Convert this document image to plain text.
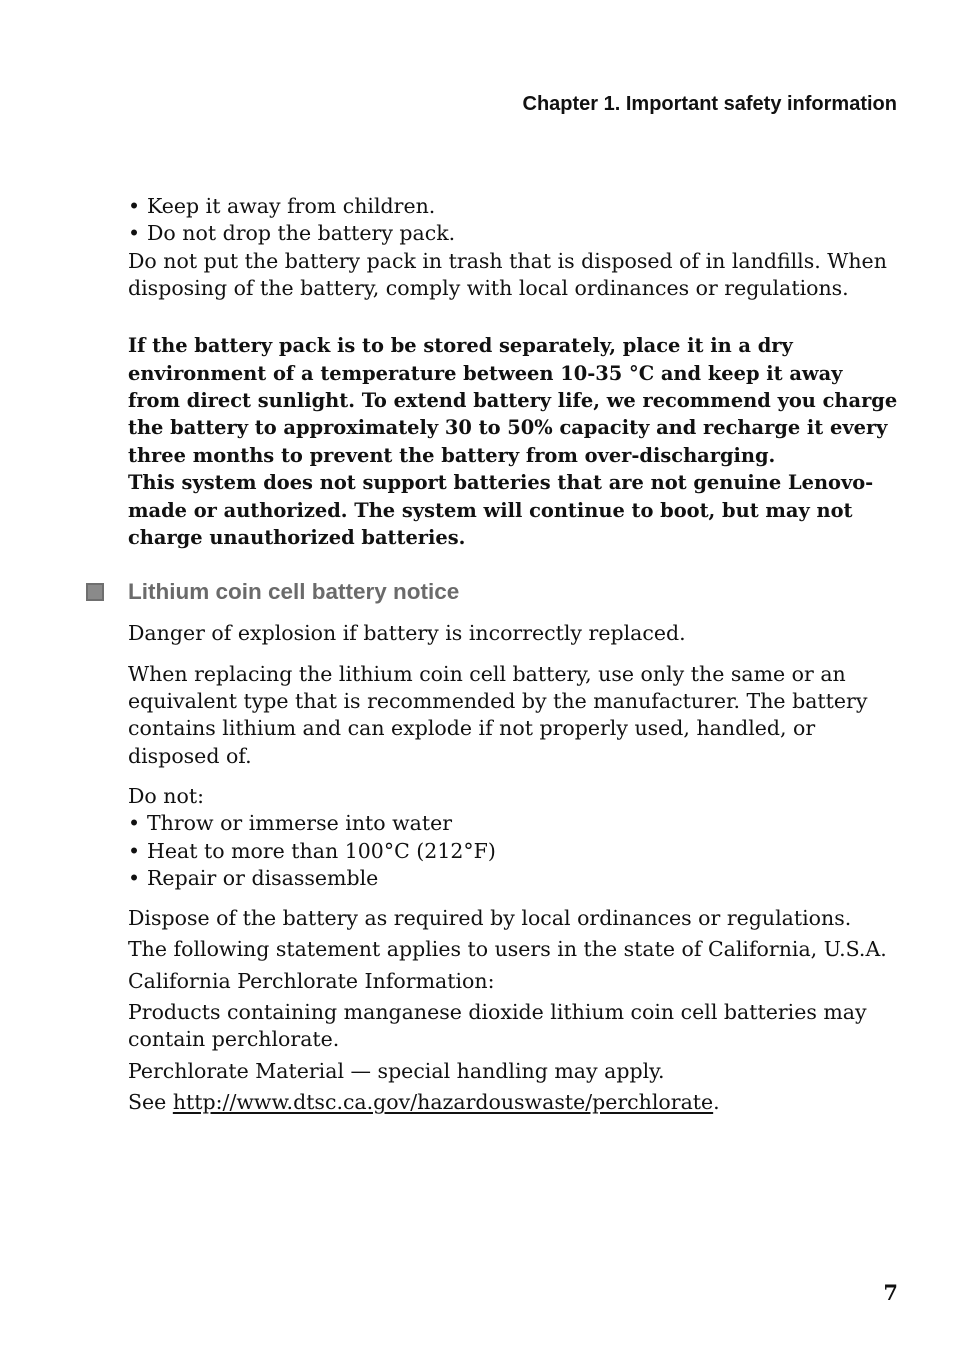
Chapter 1. Important safety information
• Keep it away from children.
• Do not drop the battery pack.

Do not put the battery pack in trash that is disposed of in landfills. When disposing of the battery, comply with local ordinances or regulations.

If the battery pack is to be stored separately, place it in a dry environment of a temperature between 10-35 °C and keep it away from direct sunlight. To extend battery life, we recommend you charge the battery to approximately 30 to 50% capacity and recharge it every three months to prevent the battery from over-discharging.

This system does not support batteries that are not genuine Lenovo-made or authorized. The system will continue to boot, but may not charge unauthorized batteries.

Lithium coin cell battery notice

Danger of explosion if battery is incorrectly replaced.

When replacing the lithium coin cell battery, use only the same or an equivalent type that is recommended by the manufacturer. The battery contains lithium and can explode if not properly used, handled, or disposed of.

Do not:

• Throw or immerse into water
• Heat to more than 100°C (212°F)
• Repair or disassemble

Dispose of the battery as required by local ordinances or regulations.

The following statement applies to users in the state of California, U.S.A.

California Perchlorate Information:

Products containing manganese dioxide lithium coin cell batteries may contain perchlorate.

Perchlorate Material — special handling may apply.

See http://www.dtsc.ca.gov/hazardouswaste/perchlorate.

7
